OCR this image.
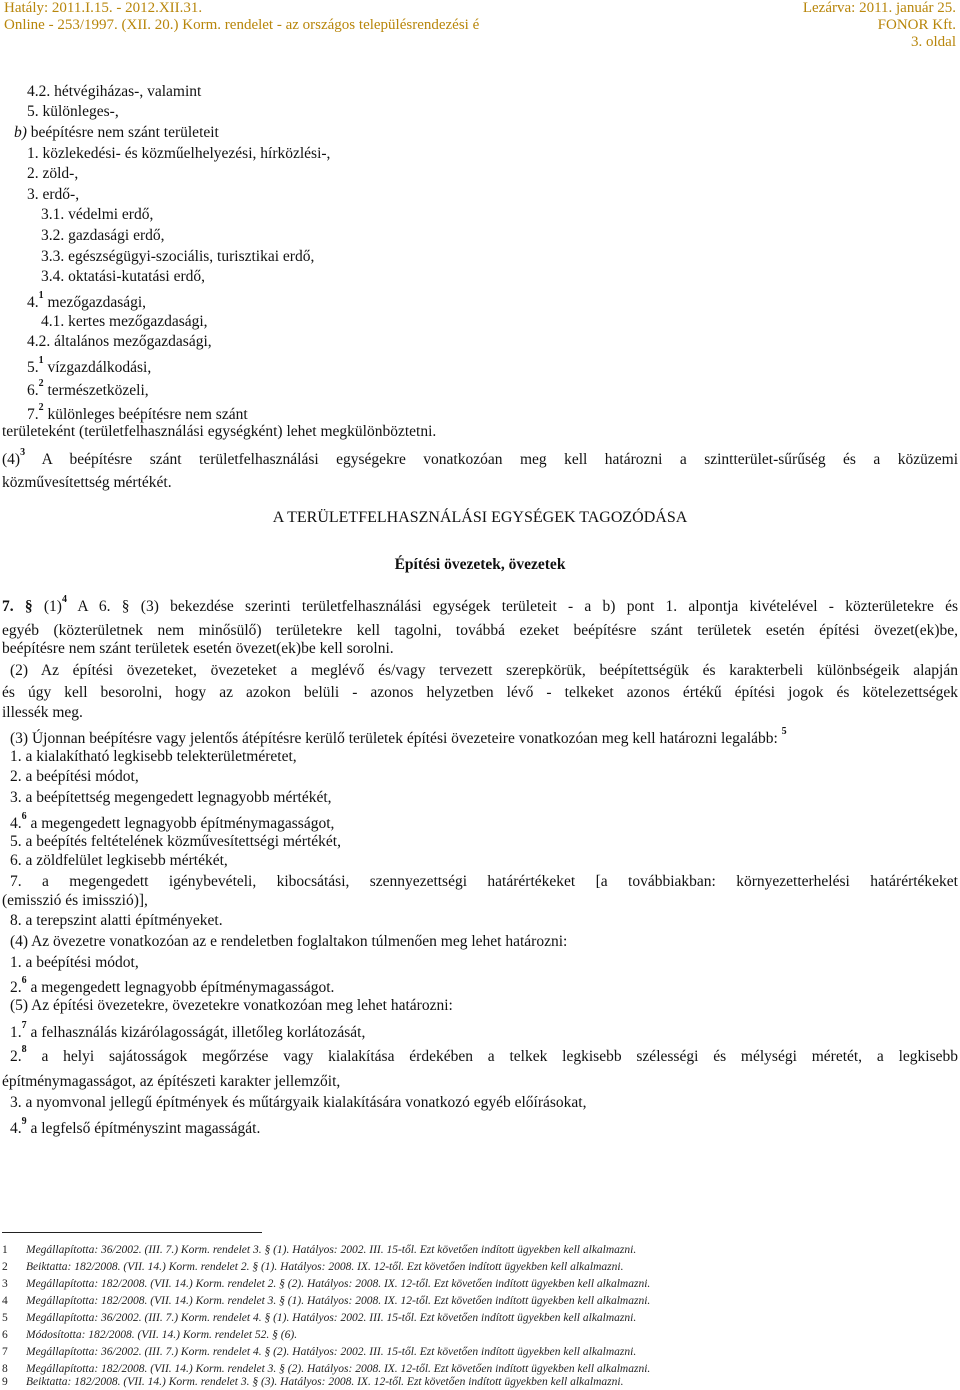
Hatály: 2011.I.15. - 2012.XII.31.
Online - 253/1997. (XII. 20.) Korm. rendelet - az országos településrendezési é
Lezárva: 2011. január 25.
FONOR Kft.
3. oldal
4.2. hétvégiházas-, valamint
5. különleges-,
b) beépítésre nem szánt területeit
1. közlekedési- és közműelhelyezési, hírközlési-,
2. zöld-,
3. erdő-,
3.1. védelmi erdő,
3.2. gazdasági erdő,
3.3. egészségügyi-szociális, turisztikai erdő,
3.4. oktatási-kutatási erdő,
4.$^1$ mezőgazdasági,
4.1. kertes mezőgazdasági,
4.2. általános mezőgazdasági,
5.$^1$ vízgazdálkodási,
6.$^2$ természetközeli,
7.$^2$ különleges beépítésre nem szánt
területeként (területfelhasználási egységként) lehet megkülönböztetni.
$(4)^3$ A beépítésre szánt területfelhasználási egységekre vonatkozóan meg kell határozni a szintterület-sűrűség és a közüzemi
közművesítettség mértékét.
A TERÜLETFELHASZNÁLÁSI EGYSÉGEK TAGOZÓDÁSA
Építési övezetek, övezetek
7. § $(1)^4$ A 6. § (3) bekezdése szerinti területfelhasználási egységek területeit - a b) pont 1. alpontja kivételével - közterületekre és
egyéb (közterületnek nem minősülő) területekre kell tagolni, továbbá ezeket beépítésre szánt területek esetén építési övezet(ek)be,
beépítésre nem szánt területek esetén övezet(ek)be kell sorolni.
(2) Az építési övezeteket, övezeteket a meglévő és/vagy tervezett szerepkörük, beépítettségük és karakterbeli különbségeik alapján
és úgy kell besorolni, hogy az azokon belüli - azonos helyzetben lévő - telkeket azonos értékű építési jogok és kötelezettségek
illessék meg.
(3) Újonnan beépítésre vagy jelentős átépítésre kerülő területek építési övezeteire vonatkozóan meg kell határozni legalább: $^5$
1. a kialakítható legkisebb telekterületméretet,
2. a beépítési módot,
3. a beépítettség megengedett legnagyobb mértékét,
4.$^6$ a megengedett legnagyobb építménymagasságot,
5. a beépítés feltételének közművesítettségi mértékét,
6. a zöldfelület legkisebb mértékét,
7. a megengedett igénybevételi, kibocsátási, szennyezettségi határértékeket [a továbbiakban: környezetterhelési határértékeket
(emisszió és imisszió)],
8. a terepszint alatti építményeket.
(4) Az övezetre vonatkozóan az e rendeletben foglaltakon túlmenően meg lehet határozni:
1. a beépítési módot,
2.$^6$ a megengedett legnagyobb építménymagasságot.
(5) Az építési övezetekre, övezetekre vonatkozóan meg lehet határozni:
1.$^7$ a felhasználás kizárólagosságát, illetőleg korlátozását,
2.$^8$ a helyi sajátosságok megőrzése vagy kialakítása érdekében a telkek legkisebb szélességi és mélységi méretét, a legkisebb
építménymagasságot, az építészeti karakter jellemzőit,
3. a nyomvonal jellegű építmények és műtárgyaik kialakítására vonatkozó egyéb előírásokat,
4.$^9$ a legfelső építményszint magasságát.
1 Megállapította: 36/2002. (III. 7.) Korm. rendelet 3. § (1). Hatályos: 2002. III. 15-től. Ezt követően indított ügyekben kell alkalmazni.
2 Beiktatta: 182/2008. (VII. 14.) Korm. rendelet 2. § (1). Hatályos: 2008. IX. 12-től. Ezt követően indított ügyekben kell alkalmazni.
3 Megállapította: 182/2008. (VII. 14.) Korm. rendelet 2. § (2). Hatályos: 2008. IX. 12-től. Ezt követően indított ügyekben kell alkalmazni.
4 Megállapította: 182/2008. (VII. 14.) Korm. rendelet 3. § (1). Hatályos: 2008. IX. 12-től. Ezt követően indított ügyekben kell alkalmazni.
5 Megállapította: 36/2002. (III. 7.) Korm. rendelet 4. § (1). Hatályos: 2002. III. 15-től. Ezt követően indított ügyekben kell alkalmazni.
6 Módosította: 182/2008. (VII. 14.) Korm. rendelet 52. § (6).
7 Megállapította: 36/2002. (III. 7.) Korm. rendelet 4. § (2). Hatályos: 2002. III. 15-től. Ezt követően indított ügyekben kell alkalmazni.
8 Megállapította: 182/2008. (VII. 14.) Korm. rendelet 3. § (2). Hatályos: 2008. IX. 12-től. Ezt követően indított ügyekben kell alkalmazni.
9 Beiktatta: 182/2008. (VII. 14.) Korm. rendelet 3. § (3). Hatályos: 2008. IX. 12-től. Ezt követően indított ügyekben kell alkalmazni.
